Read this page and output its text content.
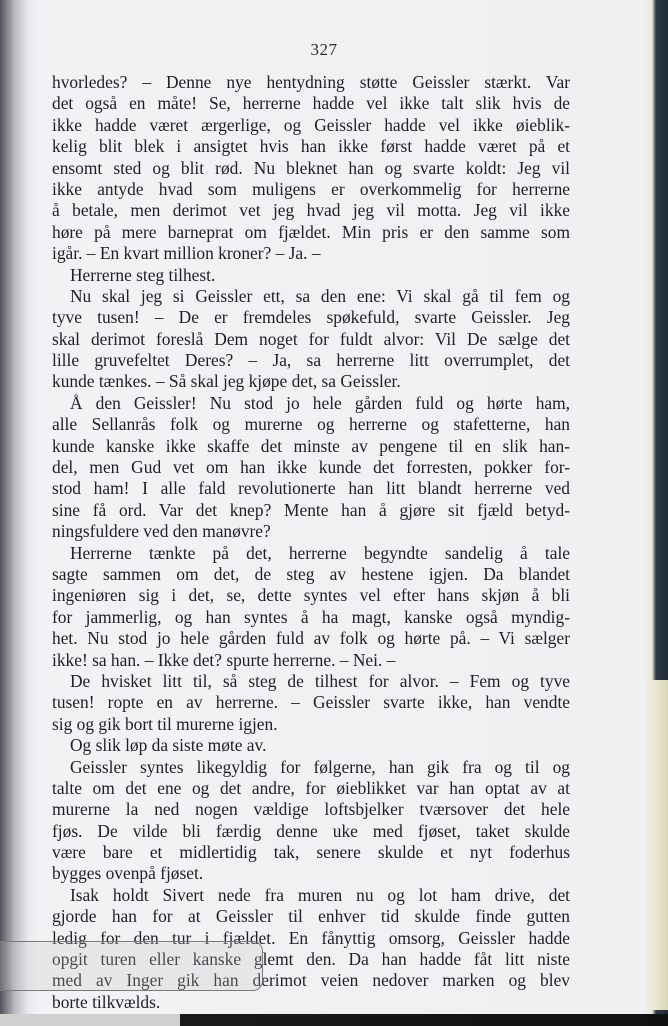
327
hvorledes? – Denne nye hentydning støtte Geissler stærkt. Var
det også en måte! Se, herrerne hadde vel ikke talt slik hvis de
ikke hadde været ærgerlige, og Geissler hadde vel ikke øieblik-
kelig blit blek i ansigtet hvis han ikke først hadde været på et
ensomt sted og blit rød. Nu bleknet han og svarte koldt: Jeg vil
ikke antyde hvad som muligens er overkommelig for herrerne
å betale, men derimot vet jeg hvad jeg vil motta. Jeg vil ikke
høre på mere barneprat om fjældet. Min pris er den samme som
igår. – En kvart million kroner? – Ja. –
Herrerne steg tilhest.
Nu skal jeg si Geissler ett, sa den ene: Vi skal gå til fem og
tyve tusen! – De er fremdeles spøkefuld, svarte Geissler. Jeg
skal derimot foreslå Dem noget for fuldt alvor: Vil De sælge det
lille gruvefeltet Deres? – Ja, sa herrerne litt overrumplet, det
kunde tænkes. – Så skal jeg kjøpe det, sa Geissler.
Å den Geissler! Nu stod jo hele gården fuld og hørte ham,
alle Sellanrås folk og murerne og herrerne og stafetterne, han
kunde kanske ikke skaffe det minste av pengene til en slik han-
del, men Gud vet om han ikke kunde det forresten, pokker for-
stod ham! I alle fald revolutionerte han litt blandt herrerne ved
sine få ord. Var det knep? Mente han å gjøre sit fjæld betyd-
ningsfuldere ved den manøvre?
Herrerne tænkte på det, herrerne begyndte sandelig å tale
sagte sammen om det, de steg av hestene igjen. Da blandet
ingeniøren sig i det, se, dette syntes vel efter hans skjøn å bli
for jammerlig, og han syntes å ha magt, kanske også myndig-
het. Nu stod jo hele gården fuld av folk og hørte på. – Vi sælger
ikke! sa han. – Ikke det? spurte herrerne. – Nei. –
De hvisket litt til, så steg de tilhest for alvor. – Fem og tyve
tusen! ropte en av herrerne. – Geissler svarte ikke, han vendte
sig og gik bort til murerne igjen.
Og slik løp da siste møte av.
Geissler syntes likegyldig for følgerne, han gik fra og til og
talte om det ene og det andre, for øieblikket var han optat av at
murerne la ned nogen vældige loftsbjelker tværsover det hele
fjøs. De vilde bli færdig denne uke med fjøset, taket skulde
være bare et midlertidig tak, senere skulde et nyt foderhus
bygges ovenpå fjøset.
Isak holdt Sivert nede fra muren nu og lot ham drive, det
gjorde han for at Geissler til enhver tid skulde finde gutten
ledig for den tur i fjældet. En fånyttig omsorg, Geissler hadde
opgit turen eller kanske glemt den. Da han hadde fåt litt niste
med av Inger gik han derimot veien nedover marken og blev
borte tilkvælds.
